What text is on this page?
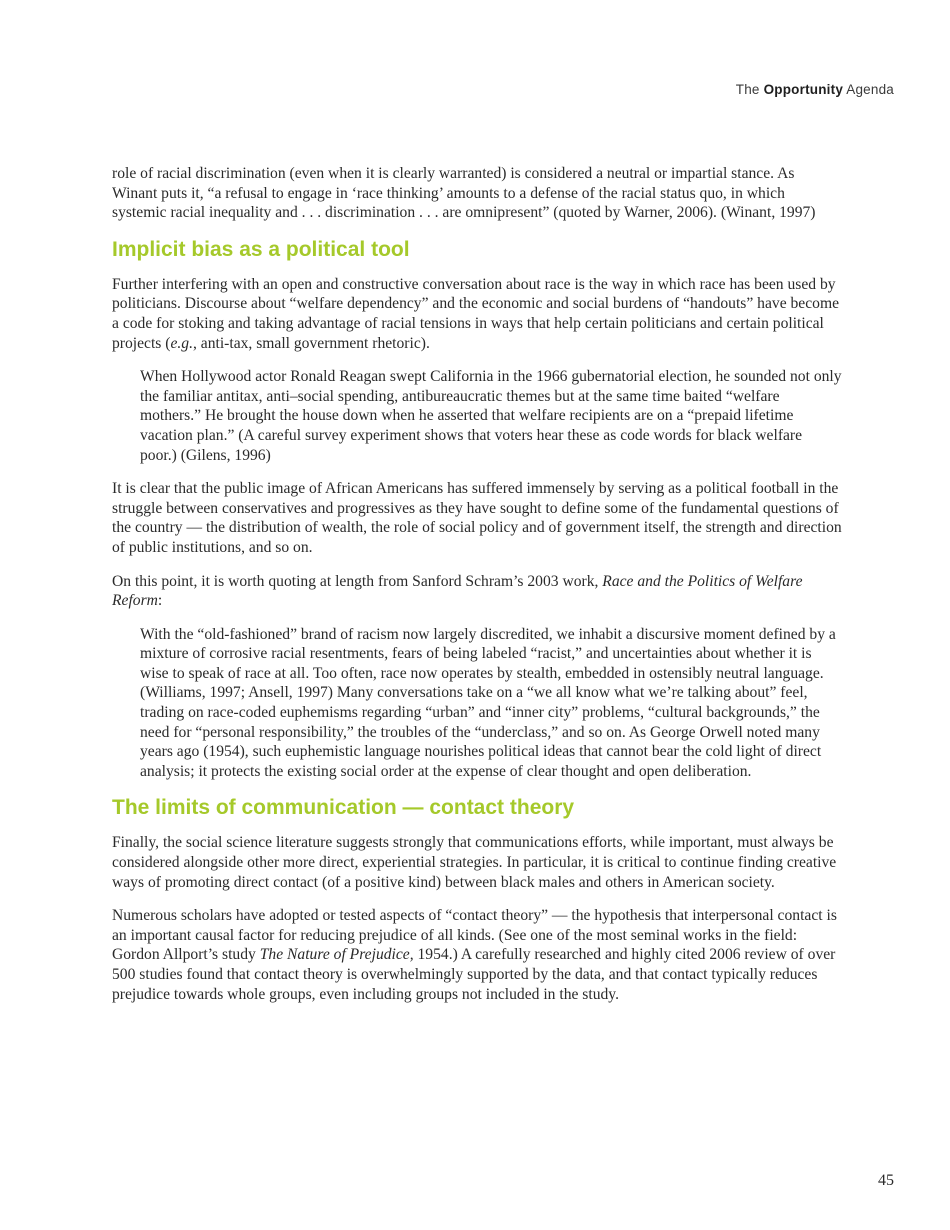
The Opportunity Agenda

role of racial discrimination (even when it is clearly warranted) is considered a neutral or impartial stance. As Winant puts it, “a refusal to engage in ‘race thinking’ amounts to a defense of the racial status quo, in which systemic racial inequality and . . . discrimination . . . are omnipresent” (quoted by Warner, 2006). (Winant, 1997)

Implicit bias as a political tool

Further interfering with an open and constructive conversation about race is the way in which race has been used by politicians. Discourse about “welfare dependency” and the economic and social burdens of “handouts” have become a code for stoking and taking advantage of racial tensions in ways that help certain politicians and certain political projects (e.g., anti-tax, small government rhetoric).

When Hollywood actor Ronald Reagan swept California in the 1966 gubernatorial election, he sounded not only the familiar antitax, anti–social spending, antibureaucratic themes but at the same time baited “welfare mothers.” He brought the house down when he asserted that welfare recipients are on a “prepaid lifetime vacation plan.” (A careful survey experiment shows that voters hear these as code words for black welfare poor.) (Gilens, 1996)

It is clear that the public image of African Americans has suffered immensely by serving as a political football in the struggle between conservatives and progressives as they have sought to define some of the fundamental questions of the country — the distribution of wealth, the role of social policy and of government itself, the strength and direction of public institutions, and so on.

On this point, it is worth quoting at length from Sanford Schram’s 2003 work, Race and the Politics of Welfare Reform:

With the “old-fashioned” brand of racism now largely discredited, we inhabit a discursive moment defined by a mixture of corrosive racial resentments, fears of being labeled “racist,” and uncertainties about whether it is wise to speak of race at all. Too often, race now operates by stealth, embedded in ostensibly neutral language. (Williams, 1997; Ansell, 1997) Many conversations take on a “we all know what we’re talking about” feel, trading on race-coded euphemisms regarding “urban” and “inner city” problems, “cultural backgrounds,” the need for “personal responsibility,” the troubles of the “underclass,” and so on. As George Orwell noted many years ago (1954), such euphemistic language nourishes political ideas that cannot bear the cold light of direct analysis; it protects the existing social order at the expense of clear thought and open deliberation.
The limits of communication — contact theory

Finally, the social science literature suggests strongly that communications efforts, while important, must always be considered alongside other more direct, experiential strategies. In particular, it is critical to continue finding creative ways of promoting direct contact (of a positive kind) between black males and others in American society.

Numerous scholars have adopted or tested aspects of “contact theory” — the hypothesis that interpersonal contact is an important causal factor for reducing prejudice of all kinds. (See one of the most seminal works in the field: Gordon Allport’s study The Nature of Prejudice, 1954.) A carefully researched and highly cited 2006 review of over 500 studies found that contact theory is overwhelmingly supported by the data, and that contact typically reduces prejudice towards whole groups, even including groups not included in the study.

45
